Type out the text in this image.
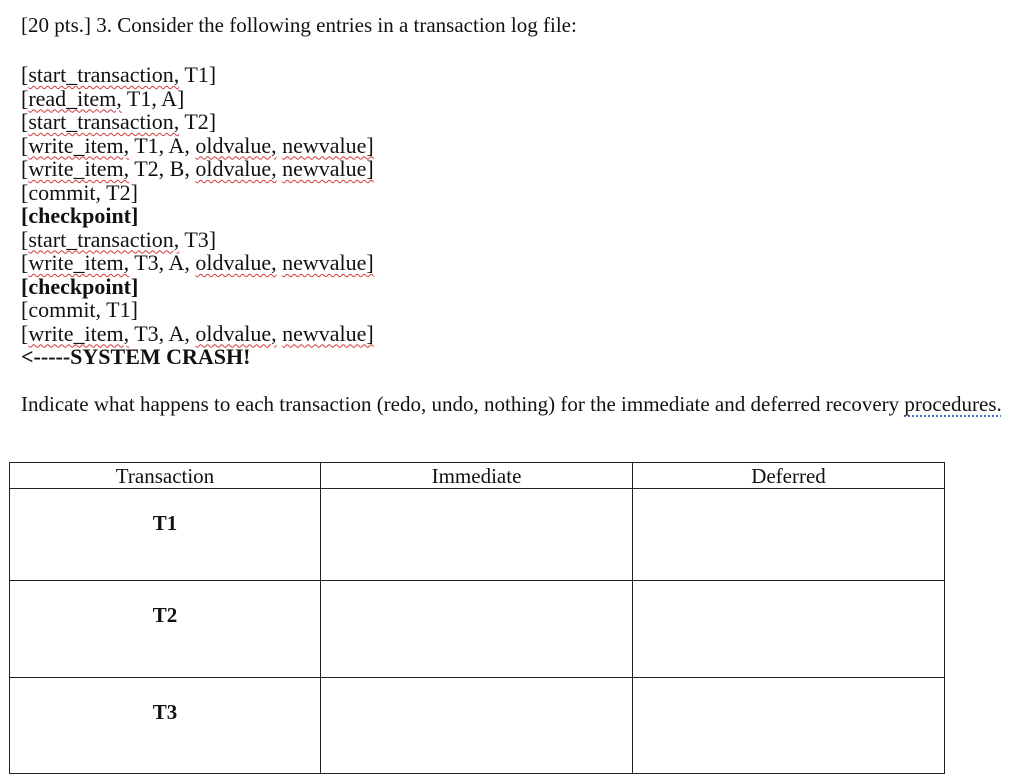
[20 pts.] 3. Consider the following entries in a transaction log file:
[start_transaction, T1]
[read_item, T1, A]
[start_transaction, T2]
[write_item, T1, A, oldvalue, newvalue]
[write_item, T2, B, oldvalue, newvalue]
[commit, T2]
[checkpoint]
[start_transaction, T3]
[write_item, T3, A, oldvalue, newvalue]
[checkpoint]
[commit, T1]
[write_item, T3, A, oldvalue, newvalue]
<-----SYSTEM CRASH!
Indicate what happens to each transaction (redo, undo, nothing) for the immediate and deferred recovery procedures.
Transaction	Immediate	Deferred
T1		
T2		
T3		
